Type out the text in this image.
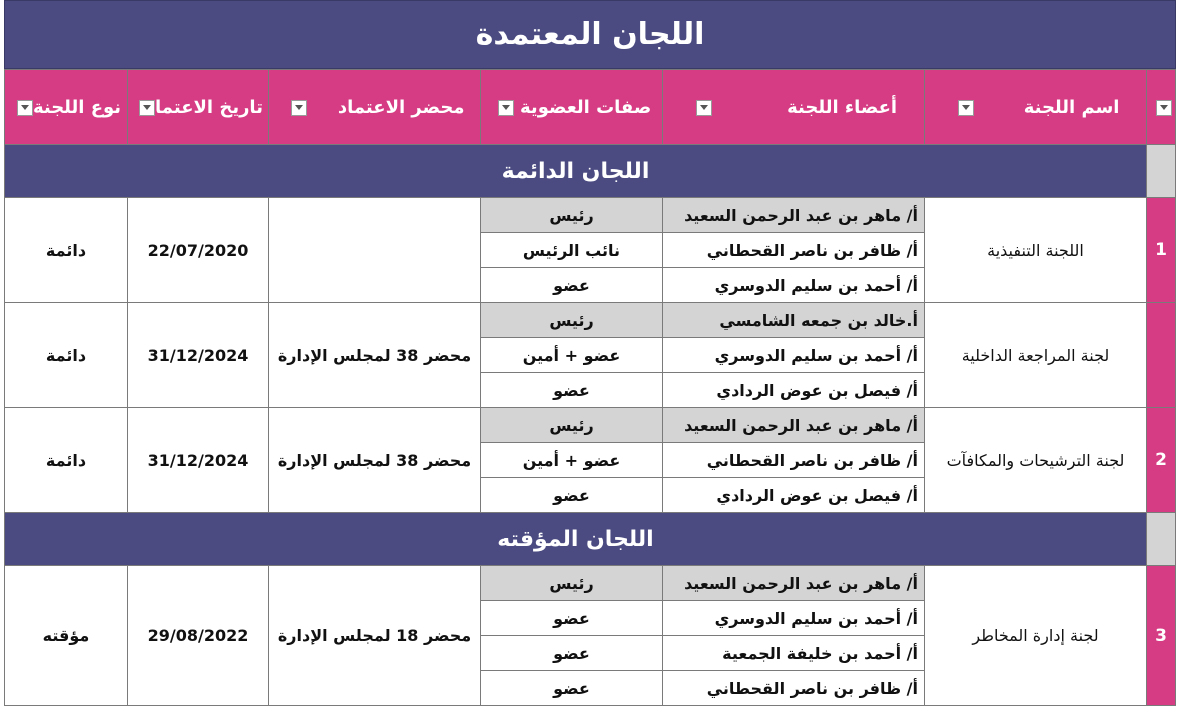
اللجان المعتمدة
	اسم اللجنة	أعضاء اللجنة	صفات العضوية	محضر الاعتماد	تاريخ الاعتما	نوع اللجنة
	اللجان الدائمة					
1	اللجنة التنفيذية	أ/ ماهر بن عبد الرحمن السعيد	رئيس		22/07/2020	دائمة
		أ/ ظافر بن ناصر القحطاني	نائب الرئيس			
		أ/ أحمد بن سليم الدوسري	عضو			
	لجنة المراجعة الداخلية	أ.خالد بن جمعه الشامسي	رئيس	محضر 38 لمجلس الإدارة	31/12/2024	دائمة
		أ/ أحمد بن سليم الدوسري	عضو + أمين			
		أ/ فيصل بن عوض الردادي	عضو			
2	لجنة الترشيحات والمكافآت	أ/ ماهر بن عبد الرحمن السعيد	رئيس	محضر 38 لمجلس الإدارة	31/12/2024	دائمة
		أ/ ظافر بن ناصر القحطاني	عضو + أمين			
		أ/ فيصل بن عوض الردادي	عضو			
	اللجان المؤقته					
3	لجنة إدارة المخاطر	أ/ ماهر بن عبد الرحمن السعيد	رئيس	محضر 18 لمجلس الإدارة	29/08/2022	مؤقته
		أ/ أحمد بن سليم الدوسري	عضو			
		أ/ أحمد بن خليفة الجمعية	عضو			
		أ/ ظافر بن ناصر القحطاني	عضو			
